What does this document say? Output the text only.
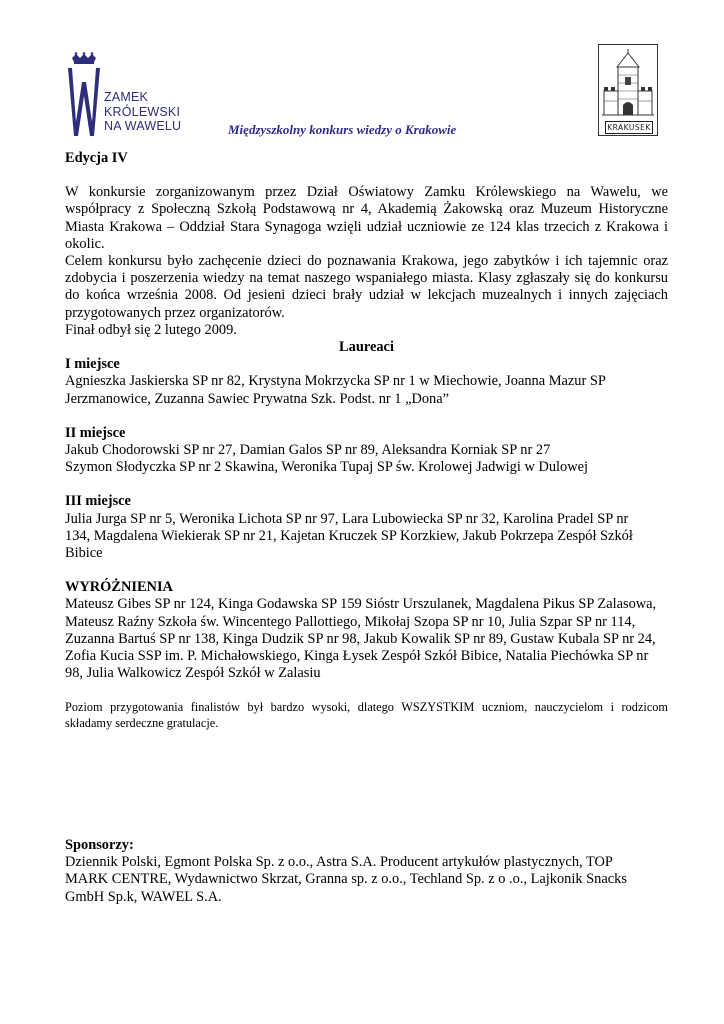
ZAMEK
KRÓLEWSKI
NA WAWELU	Międzyszkolny konkurs wiedzy o Krakowie	KRAKUSEK

Edycja IV

W konkursie zorganizowanym przez Dział Oświatowy Zamku Królewskiego na Wawelu, we współpracy z Społeczną Szkołą Podstawową nr 4, Akademią Żakowską oraz Muzeum Historyczne Miasta Krakowa – Oddział Stara Synagoga wzięli udział uczniowie ze 124 klas trzecich z Krakowa i okolic.

Celem konkursu było zachęcenie dzieci do poznawania Krakowa, jego zabytków i ich tajemnic oraz zdobycia i poszerzenia wiedzy na temat naszego wspaniałego miasta. Klasy zgłaszały się do konkursu do końca września 2008. Od jesieni dzieci brały udział w lekcjach muzealnych i innych zajęciach przygotowanych przez organizatorów.

Finał odbył się 2 lutego 2009.

Laureaci

I miejsce

Agnieszka Jaskierska SP nr 82, Krystyna Mokrzycka SP nr 1 w Miechowie, Joanna Mazur SP

Jerzmanowice, Zuzanna Sawiec Prywatna Szk. Podst. nr 1 „Dona”

II miejsce

Jakub Chodorowski SP nr 27, Damian Galos SP nr 89, Aleksandra Korniak SP nr 27

Szymon Słodyczka SP nr 2 Skawina, Weronika Tupaj SP św. Krolowej Jadwigi w Dulowej

III miejsce

Julia Jurga SP nr 5, Weronika Lichota SP nr 97, Lara Lubowiecka SP nr 32, Karolina Pradel SP nr

134, Magdalena Wiekierak SP nr 21, Kajetan Kruczek SP Korzkiew, Jakub Pokrzepa Zespół Szkół

Bibice

WYRÓŻNIENIA

Mateusz Gibes SP nr 124, Kinga Godawska SP 159 Sióstr Urszulanek, Magdalena Pikus SP Zalasowa,

Mateusz Raźny Szkoła św. Wincentego Pallottiego, Mikołaj Szopa SP nr 10, Julia Szpar SP nr 114,

Zuzanna Bartuś SP nr 138, Kinga Dudzik SP nr 98, Jakub Kowalik SP nr 89, Gustaw Kubala SP nr 24,

Zofia Kucia SSP im. P. Michałowskiego, Kinga Łysek Zespół Szkół Bibice, Natalia Piechówka SP nr

98, Julia Walkowicz Zespół Szkół w Zalasiu

Poziom przygotowania finalistów był bardzo wysoki, dlatego WSZYSTKIM uczniom, nauczycielom i rodzicom składamy serdeczne gratulacje.

Sponsorzy:

Dziennik Polski, Egmont Polska Sp. z o.o., Astra S.A. Producent artykułów plastycznych, TOP

MARK CENTRE, Wydawnictwo Skrzat, Granna sp. z o.o., Techland Sp. z o .o., Lajkonik Snacks

GmbH Sp.k, WAWEL S.A.
